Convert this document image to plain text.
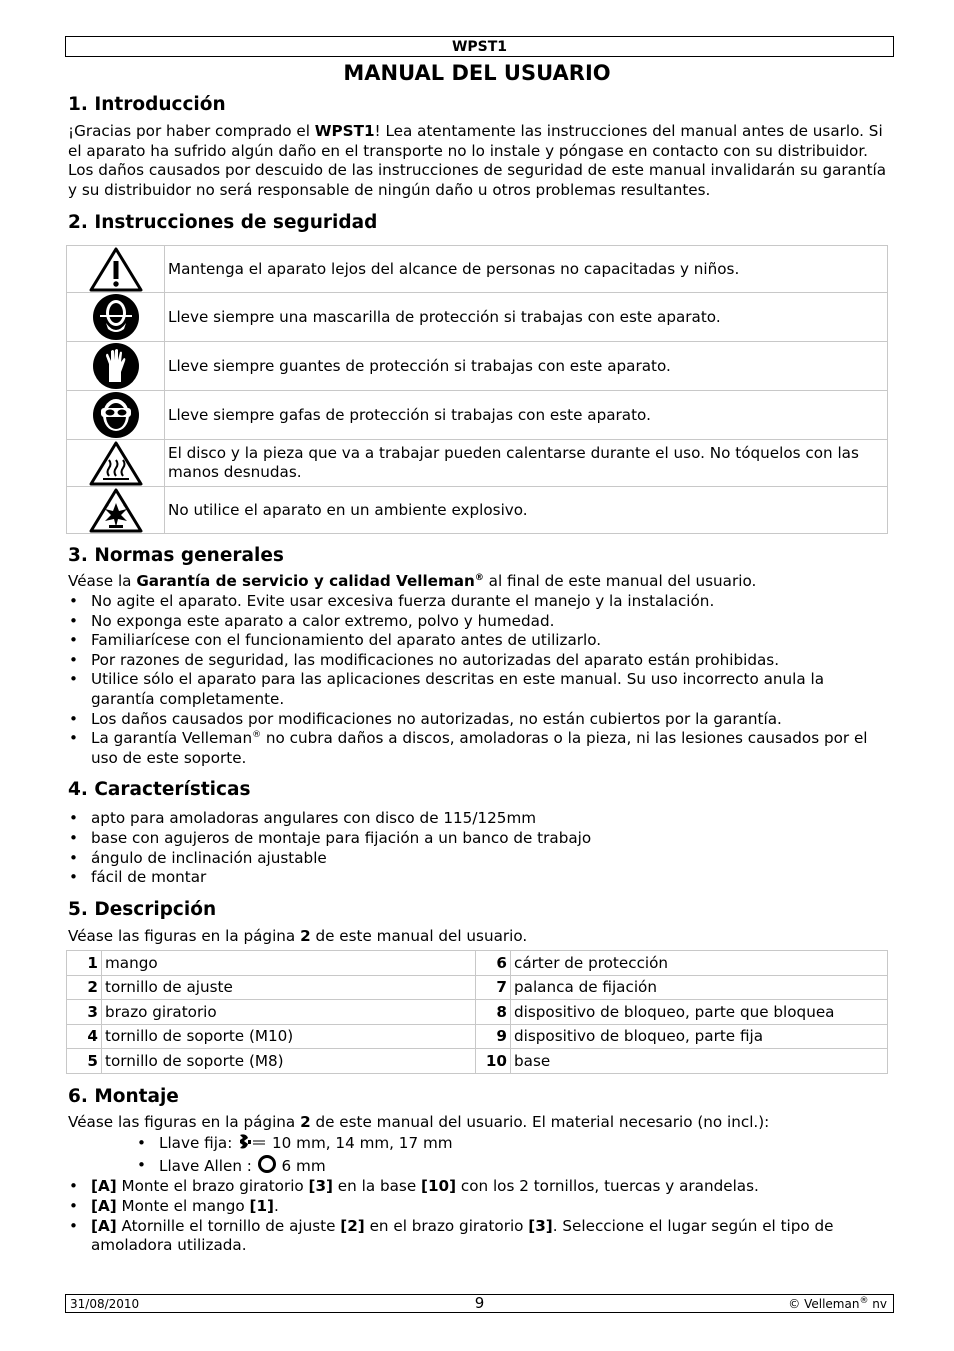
WPST1
MANUAL DEL USUARIO
1. Introducción

¡Gracias por haber comprado el WPST1! Lea atentamente las instrucciones del manual antes de usarlo. Si el aparato ha sufrido algún daño en el transporte no lo instale y póngase en contacto con su distribuidor. Los daños causados por descuido de las instrucciones de seguridad de este manual invalidarán su garantía y su distribuidor no será responsable de ningún daño u otros problemas resultantes.

2. Instrucciones de seguridad
	Mantenga el aparato lejos del alcance de personas no capacitadas y niños.

	Lleve siempre una mascarilla de protección si trabajas con este aparato.

	Lleve siempre guantes de protección si trabajas con este aparato.

	Lleve siempre gafas de protección si trabajas con este aparato.

	El disco y la pieza que va a trabajar pueden calentarse durante el uso. No tóquelos con las manos desnudas.

	No utilice el aparato en un ambiente explosivo.
3. Normas generales

Véase la Garantía de servicio y calidad Velleman® al final de este manual del usuario.

• No agite el aparato. Evite usar excesiva fuerza durante el manejo y la instalación.
• No exponga este aparato a calor extremo, polvo y humedad.
• Familiarícese con el funcionamiento del aparato antes de utilizarlo.
• Por razones de seguridad, las modificaciones no autorizadas del aparato están prohibidas.
• Utilice sólo el aparato para las aplicaciones descritas en este manual. Su uso incorrecto anula la garantía completamente.
• Los daños causados por modificaciones no autorizadas, no están cubiertos por la garantía.
• La garantía Velleman® no cubra daños a discos, amoladoras o la pieza, ni las lesiones causados por el uso de este soporte.
4. Características
• apto para amoladoras angulares con disco de 115/125mm
• base con agujeros de montaje para fijación a un banco de trabajo
• ángulo de inclinación ajustable
• fácil de montar
5. Descripción

Véase las figuras en la página 2 de este manual del usuario.

1	mango	6	cárter de protección
2	tornillo de ajuste	7	palanca de fijación
3	brazo giratorio	8	dispositivo de bloqueo, parte que bloquea
4	tornillo de soporte (M10)	9	dispositivo de bloqueo, parte fija
5	tornillo de soporte (M8)	10	base
6. Montaje

Véase las figuras en la página 2 de este manual del usuario. El material necesario (no incl.):

• Llave fija:  10 mm, 14 mm, 17 mm
• Llave Allen :  6 mm
• [A] Monte el brazo giratorio [3] en la base [10] con los 2 tornillos, tuercas y arandelas.
• [A] Monte el mango [1].
• [A] Atornille el tornillo de ajuste [2] en el brazo giratorio [3]. Seleccione el lugar según el tipo de amoladora utilizada.
31/08/2010	9	© Velleman® nv
